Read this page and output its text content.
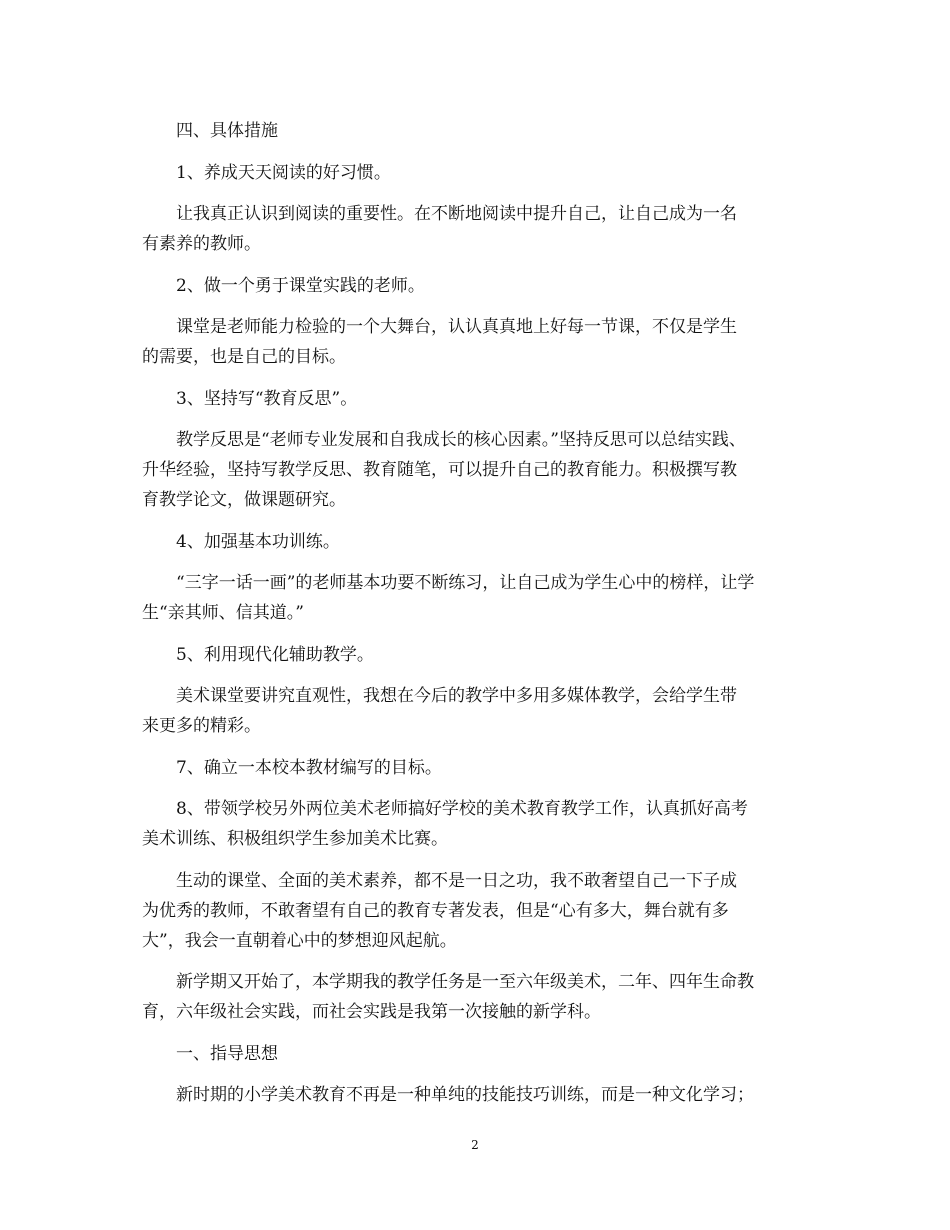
四、具体措施

1、养成天天阅读的好习惯。

让我真正认识到阅读的重要性。在不断地阅读中提升自己，让自己成为一名
有素养的教师。

2、做一个勇于课堂实践的老师。

课堂是老师能力检验的一个大舞台，认认真真地上好每一节课，不仅是学生
的需要，也是自己的目标。

3、坚持写“教育反思”。

教学反思是“老师专业发展和自我成长的核心因素。”坚持反思可以总结实践、
升华经验，坚持写教学反思、教育随笔，可以提升自己的教育能力。积极撰写教
育教学论文，做课题研究。

4、加强基本功训练。

“三字一话一画”的老师基本功要不断练习，让自己成为学生心中的榜样，让学
生“亲其师、信其道。”

5、利用现代化辅助教学。

美术课堂要讲究直观性，我想在今后的教学中多用多媒体教学，会给学生带
来更多的精彩。

7、确立一本校本教材编写的目标。

8、带领学校另外两位美术老师搞好学校的美术教育教学工作，认真抓好高考
美术训练、积极组织学生参加美术比赛。

生动的课堂、全面的美术素养，都不是一日之功，我不敢奢望自己一下子成
为优秀的教师，不敢奢望有自己的教育专著发表，但是“心有多大，舞台就有多
大”，我会一直朝着心中的梦想迎风起航。

新学期又开始了，本学期我的教学任务是一至六年级美术，二年、四年生命教
育，六年级社会实践，而社会实践是我第一次接触的新学科。

一、指导思想

新时期的小学美术教育不再是一种单纯的技能技巧训练，而是一种文化学习；

2
